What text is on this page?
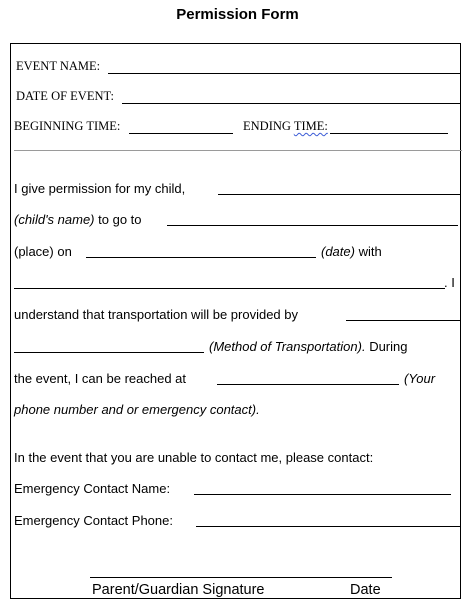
Permission Form
EVENT NAME:
DATE OF EVENT:
BEGINNING TIME:	ENDING TIME:
I give permission for my child,
(child's name) to go to
(place) on	(date) with
. I
understand that transportation will be provided by
(Method of Transportation). During
the event, I can be reached at	(Your
phone number and or emergency contact).
In the event that you are unable to contact me, please contact:
Emergency Contact Name:
Emergency Contact Phone:
Parent/Guardian Signature	Date
